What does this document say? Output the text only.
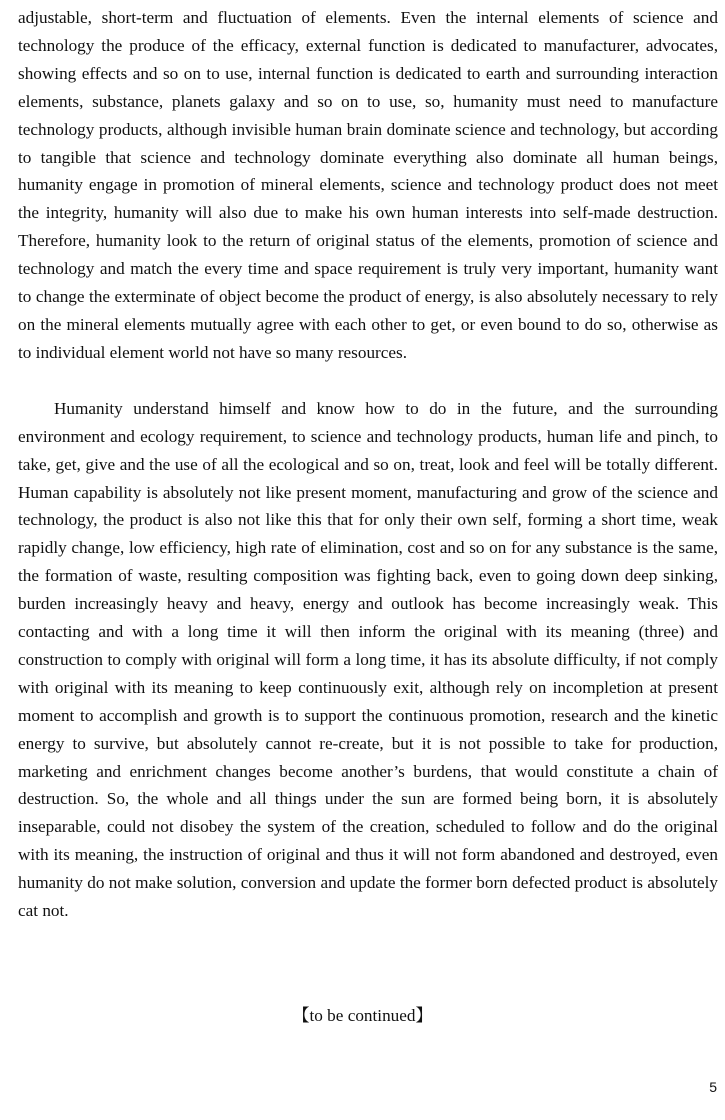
adjustable, short-term and fluctuation of elements. Even the internal elements of science and technology the produce of the efficacy, external function is dedicated to manufacturer, advocates, showing effects and so on to use, internal function is dedicated to earth and surrounding interaction elements, substance, planets galaxy and so on to use, so, humanity must need to manufacture technology products, although invisible human brain dominate science and technology, but according to tangible that science and technology dominate everything also dominate all human beings, humanity engage in promotion of mineral elements, science and technology product does not meet the integrity, humanity will also due to make his own human interests into self-made destruction. Therefore, humanity look to the return of original status of the elements, promotion of science and technology and match the every time and space requirement is truly very important, humanity want to change the exterminate of object become the product of energy, is also absolutely necessary to rely on the mineral elements mutually agree with each other to get, or even bound to do so, otherwise as to individual element world not have so many resources.

Humanity understand himself and know how to do in the future, and the surrounding environment and ecology requirement, to science and technology products, human life and pinch, to take, get, give and the use of all the ecological and so on, treat, look and feel will be totally different. Human capability is absolutely not like present moment, manufacturing and grow of the science and technology, the product is also not like this that for only their own self, forming a short time, weak rapidly change, low efficiency, high rate of elimination, cost and so on for any substance is the same, the formation of waste, resulting composition was fighting back, even to going down deep sinking, burden increasingly heavy and heavy, energy and outlook has become increasingly weak. This contacting and with a long time it will then inform the original with its meaning (three) and construction to comply with original will form a long time, it has its absolute difficulty, if not comply with original with its meaning to keep continuously exit, although rely on incompletion at present moment to accomplish and growth is to support the continuous promotion, research and the kinetic energy to survive, but absolutely cannot re-create, but it is not possible to take for production, marketing and enrichment changes become another’s burdens, that would constitute a chain of destruction. So, the whole and all things under the sun are formed being born, it is absolutely inseparable, could not disobey the system of the creation, scheduled to follow and do the original with its meaning, the instruction of original and thus it will not form abandoned and destroyed, even humanity do not make solution, conversion and update the former born defected product is absolutely cat not.

【to be continued】
5
